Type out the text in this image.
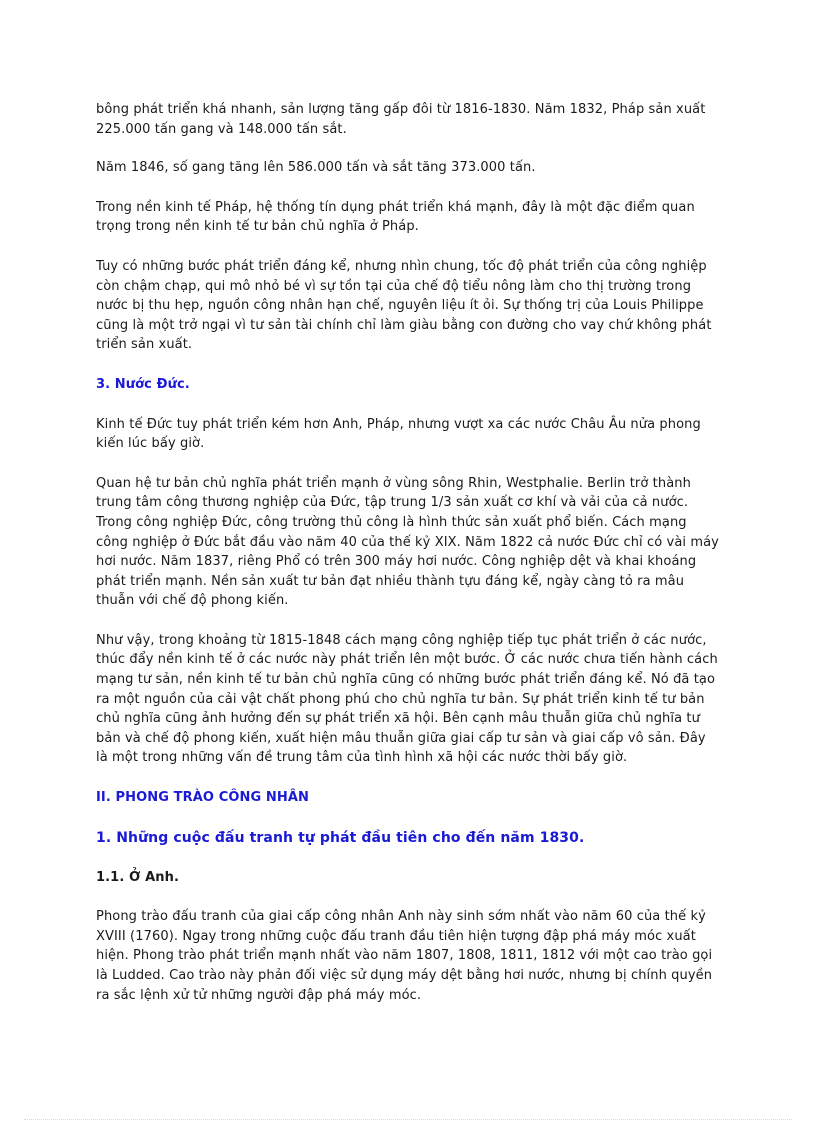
bông phát triển khá nhanh, sản lượng tăng gấp đôi từ 1816-1830. Năm 1832, Pháp sản xuất 225.000 tấn gang và 148.000 tấn sắt.

Năm 1846, số gang tăng lên 586.000 tấn và sắt tăng 373.000 tấn.

Trong nền kinh tế Pháp, hệ thống tín dụng phát triển khá mạnh, đây là một đặc điểm quan trọng trong nền kinh tế tư bản chủ nghĩa ở Pháp.

Tuy có những bước phát triển đáng kể, nhưng nhìn chung, tốc độ phát triển của công nghiệp còn chậm chạp, qui mô nhỏ bé vì sự tồn tại của chế độ tiểu nông làm cho thị trường trong nước bị thu hẹp, nguồn công nhân hạn chế, nguyên liệu ít ỏi. Sự thống trị của Louis Philippe cũng là một trở ngại vì tư sản tài chính chỉ làm giàu bằng con đường cho vay chứ không phát triển sản xuất.

3. Nước Đức.

Kinh tế Đức tuy phát triển kém hơn Anh, Pháp, nhưng vượt xa các nước Châu Âu nửa phong kiến lúc bấy giờ.

Quan hệ tư bản chủ nghĩa phát triển mạnh ở vùng sông Rhin, Westphalie. Berlin trở thành trung tâm công thương nghiệp của Đức, tập trung 1/3 sản xuất cơ khí và vải của cả nước. Trong công nghiệp Đức, công trường thủ công là hình thức sản xuất phổ biến. Cách mạng công nghiệp ở Đức bắt đầu vào năm 40 của thế kỷ XIX. Năm 1822 cả nước Đức chỉ có vài máy hơi nước. Năm 1837, riêng Phổ có trên 300 máy hơi nước. Công nghiệp dệt và khai khoáng phát triển mạnh. Nền sản xuất tư bản đạt nhiều thành tựu đáng kể, ngày càng tỏ ra mâu thuẫn với chế độ phong kiến.

Như vậy, trong khoảng từ 1815-1848 cách mạng công nghiệp tiếp tục phát triển ở các nước, thúc đẩy nền kinh tế ở các nước này phát triển lên một bước. Ở các nước chưa tiến hành cách mạng tư sản, nền kinh tế tư bản chủ nghĩa cũng có những bước phát triển đáng kể. Nó đã tạo ra một nguồn của cải vật chất phong phú cho chủ nghĩa tư bản. Sự phát triển kinh tế tư bản chủ nghĩa cũng ảnh hưởng đến sự phát triển xã hội. Bên cạnh mâu thuẫn giữa chủ nghĩa tư bản và chế độ phong kiến, xuất hiện mâu thuẫn giữa giai cấp tư sản và giai cấp vô sản. Đây là một trong những vấn đề trung tâm của tình hình xã hội các nước thời bấy giờ.

II. PHONG TRÀO CÔNG NHÂN

1. Những cuộc đấu tranh tự phát đầu tiên cho đến năm 1830.

1.1. Ở Anh.

Phong trào đấu tranh của giai cấp công nhân Anh này sinh sớm nhất vào năm 60 của thế kỷ XVIII (1760). Ngay trong những cuộc đấu tranh đầu tiên hiện tượng đập phá máy móc xuất hiện. Phong trào phát triển mạnh nhất vào năm 1807, 1808, 1811, 1812 với một cao trào gọi là Ludded. Cao trào này phản đối việc sử dụng máy dệt bằng hơi nước, nhưng bị chính quyền ra sắc lệnh xử tử những người đập phá máy móc.
